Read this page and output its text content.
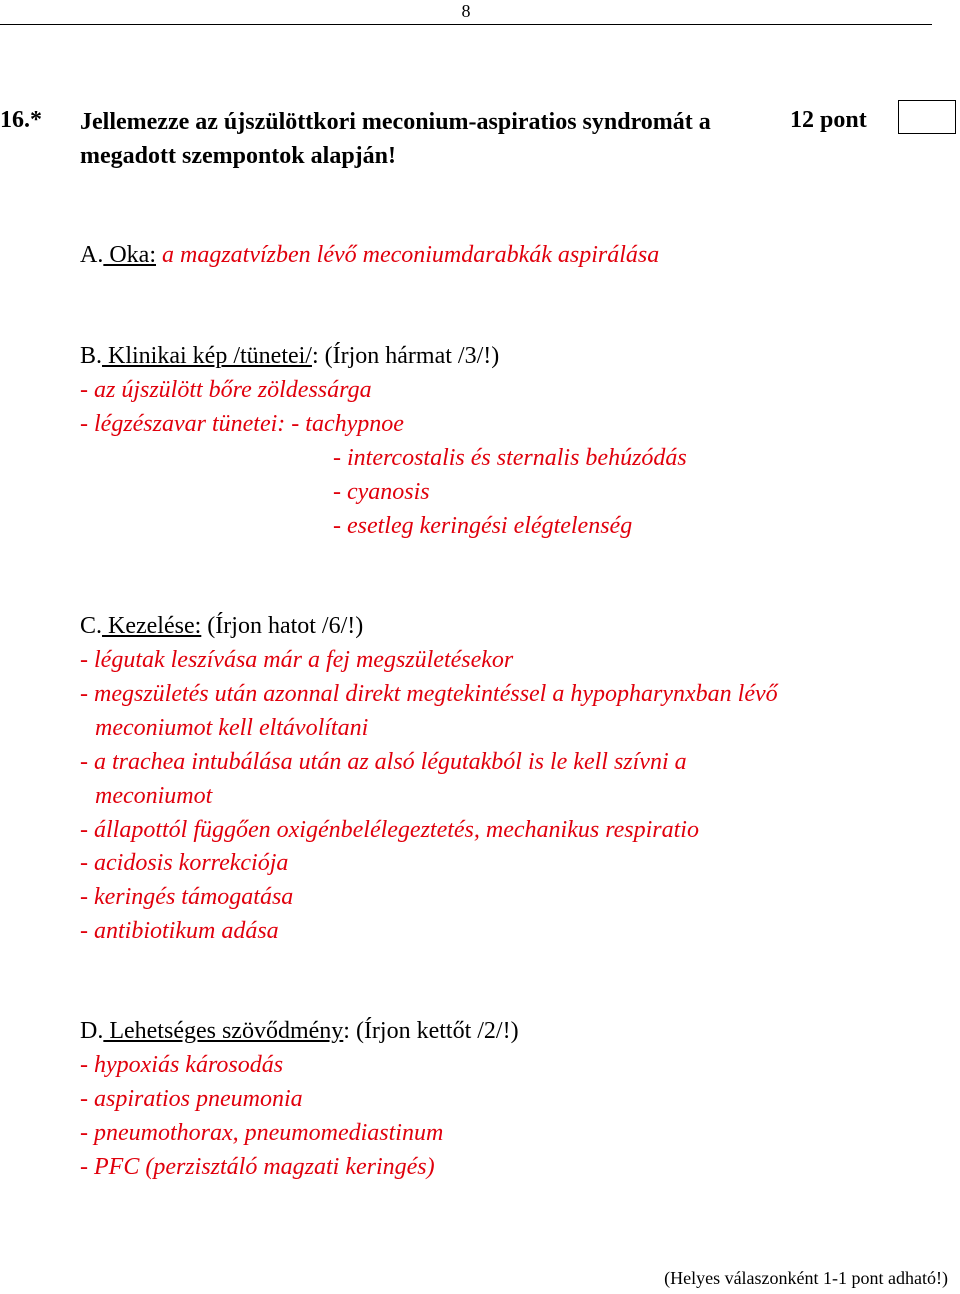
8
16.* Jellemezze az újszülöttkori meconium-aspiratios syndromát a megadott szempontok alapján!
12 pont
A. Oka: a magzatvízben lévő meconiumdarabkák aspirálása
B. Klinikai kép /tünetei/: (Írjon hármat /3/!)
- az újszülött bőre zöldessárga
- légzészavar tünetei: - tachypnoe
- intercostalis és sternalis behúzódás
- cyanosis
- esetleg keringési elégtelenség
C. Kezelése: (Írjon hatot /6/!)
- légutak leszívása már a fej megszületésekor
- megszületés után azonnal direkt megtekintéssel a hypopharynxban lévő
meconiumot kell eltávolítani
- a trachea intubálása után az alsó légutakból is le kell szívni a
meconiumot
- állapottól függően oxigénbelélegeztetés, mechanikus respiratio
- acidosis korrekciója
- keringés támogatása
- antibiotikum adása
D. Lehetséges szövődmény: (Írjon kettőt /2/!)
- hypoxiás károsodás
- aspiratios pneumonia
- pneumothorax, pneumomediastinum
- PFC (perzisztáló magzati keringés)
(Helyes válaszonként 1-1 pont adható!)
